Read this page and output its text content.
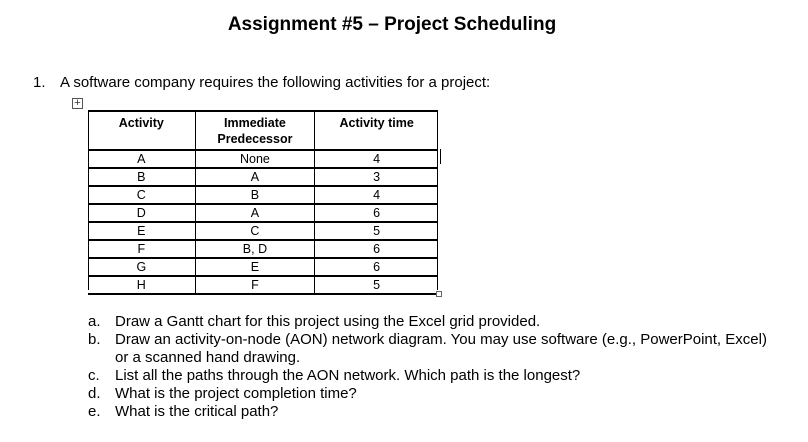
Assignment #5 – Project Scheduling
1. A software company requires the following activities for a project:
+
Activity	Immediate Predecessor	Activity time
A	None	4
B	A	3
C	B	4
D	A	6
E	C	5
F	B, D	6
G	E	6
H	F	5
a. Draw a Gantt chart for this project using the Excel grid provided.
b. Draw an activity-on-node (AON) network diagram. You may use software (e.g., PowerPoint, Excel) or a scanned hand drawing.
c. List all the paths through the AON network. Which path is the longest?
d. What is the project completion time?
e. What is the critical path?
